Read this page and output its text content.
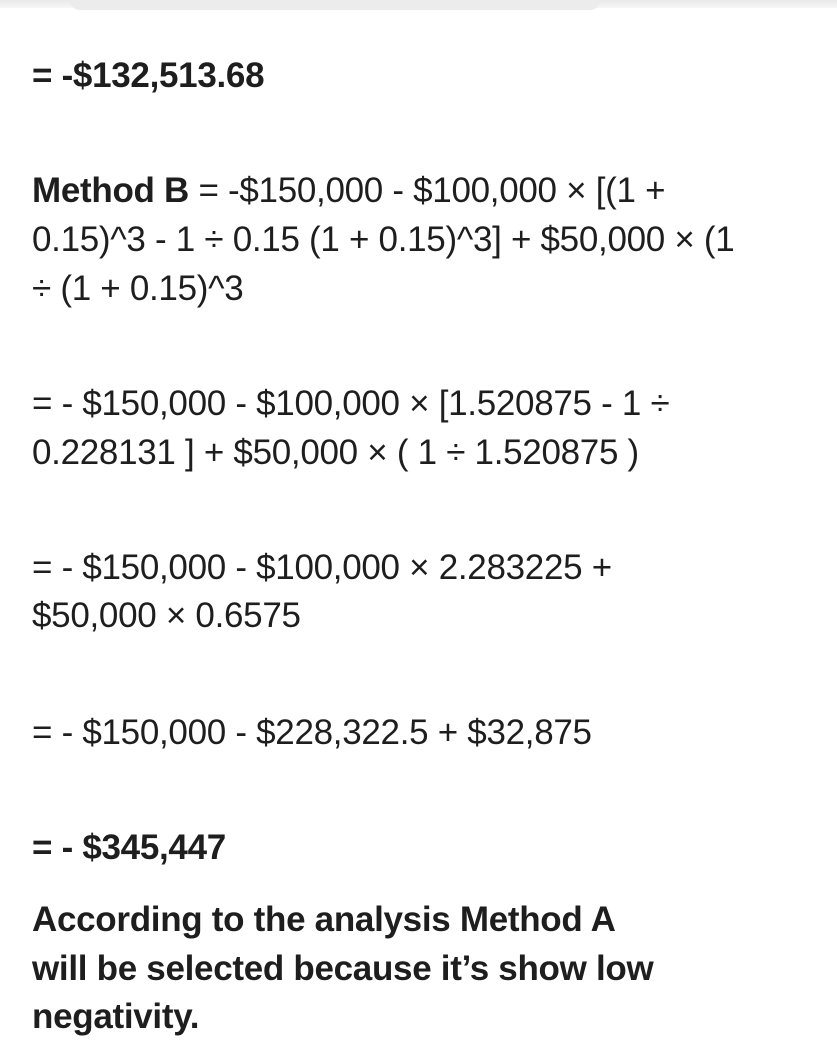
= -$132,513.68
Method B = -$150,000 - $100,000 × [(1 +
0.15)^3 - 1 ÷ 0.15 (1 + 0.15)^3] + $50,000 × (1
÷ (1 + 0.15)^3
= - $150,000 - $100,000 × [1.520875 - 1 ÷
0.228131 ] + $50,000 × ( 1 ÷ 1.520875 )
= - $150,000 - $100,000 × 2.283225 +
$50,000 × 0.6575
= - $150,000 - $228,322.5 + $32,875
= - $345,447
According to the analysis Method A
will be selected because it’s show low
negativity.
